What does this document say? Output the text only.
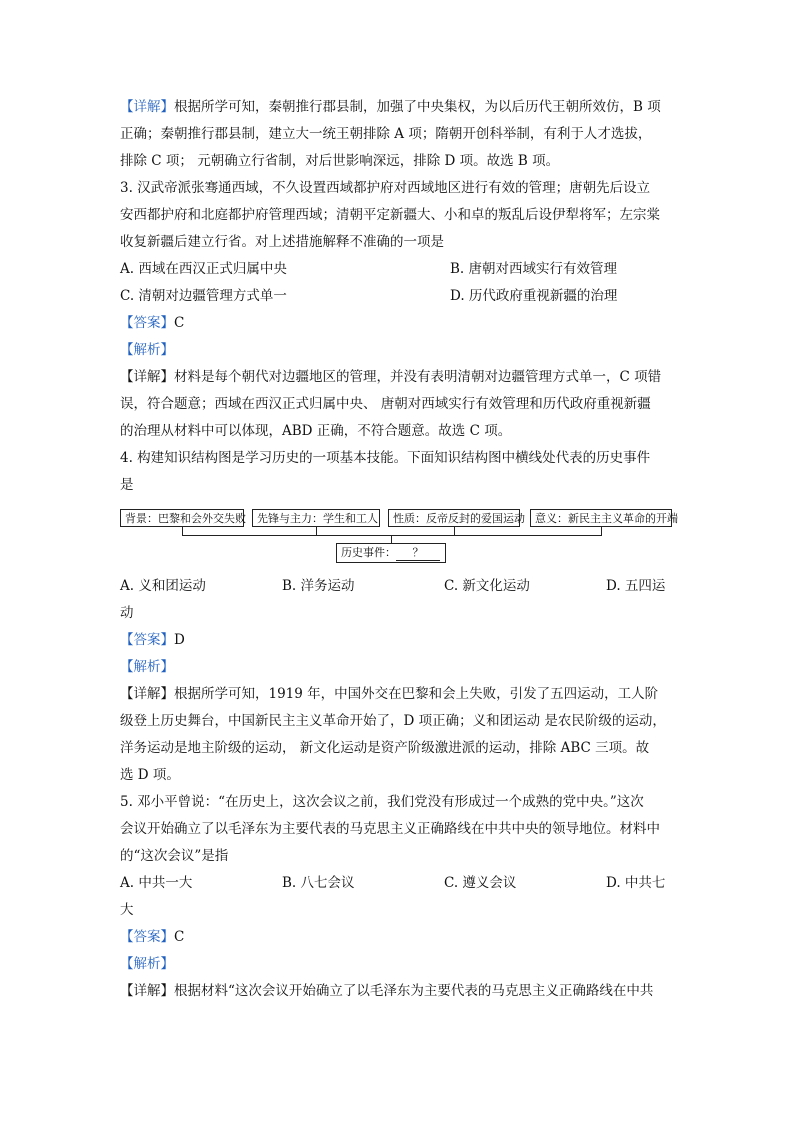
【详解】根据所学可知，秦朝推行郡县制，加强了中央集权，为以后历代王朝所效仿，B 项
正确；秦朝推行郡县制，建立大一统王朝排除 A 项；隋朝开创科举制，有利于人才选拔，
排除 C 项； 元朝确立行省制，对后世影响深远，排除 D 项。故选 B 项。
3. 汉武帝派张骞通西域，不久设置西域都护府对西域地区进行有效的管理；唐朝先后设立
安西都护府和北庭都护府管理西域；清朝平定新疆大、小和卓的叛乱后设伊犁将军；左宗棠
收复新疆后建立行省。对上述措施解释不准确的一项是
A. 西域在西汉正式归属中央	B. 唐朝对西域实行有效管理
C. 清朝对边疆管理方式单一	D. 历代政府重视新疆的治理
【答案】C
【解析】
【详解】材料是每个朝代对边疆地区的管理，并没有表明清朝对边疆管理方式单一，C 项错
误，符合题意；西域在西汉正式归属中央、 唐朝对西域实行有效管理和历代政府重视新疆
的治理从材料中可以体现，ABD 正确，不符合题意。故选 C 项。
4. 构建知识结构图是学习历史的一项基本技能。下面知识结构图中横线处代表的历史事件
是
背景：巴黎和会外交失败	先锋与主力：学生和工人	性质：反帝反封的爱国运动 意义：新民主主义革命的开端
历史事件： ？
A. 义和团运动	B. 洋务运动	C. 新文化运动	D. 五四运
动
【答案】D
【解析】
【详解】根据所学可知，1919 年，中国外交在巴黎和会上失败，引发了五四运动，工人阶
级登上历史舞台，中国新民主主义革命开始了，D 项正确；义和团运动 是农民阶级的运动，
洋务运动是地主阶级的运动， 新文化运动是资产阶级激进派的运动，排除 ABC 三项。故
选 D 项。
5. 邓小平曾说：“在历史上，这次会议之前，我们党没有形成过一个成熟的党中央。”这次
会议开始确立了以毛泽东为主要代表的马克思主义正确路线在中共中央的领导地位。材料中
的“这次会议”是指
A. 中共一大	B. 八七会议	C. 遵义会议	D. 中共七
大
【答案】C
【解析】
【详解】根据材料“这次会议开始确立了以毛泽东为主要代表的马克思主义正确路线在中共
